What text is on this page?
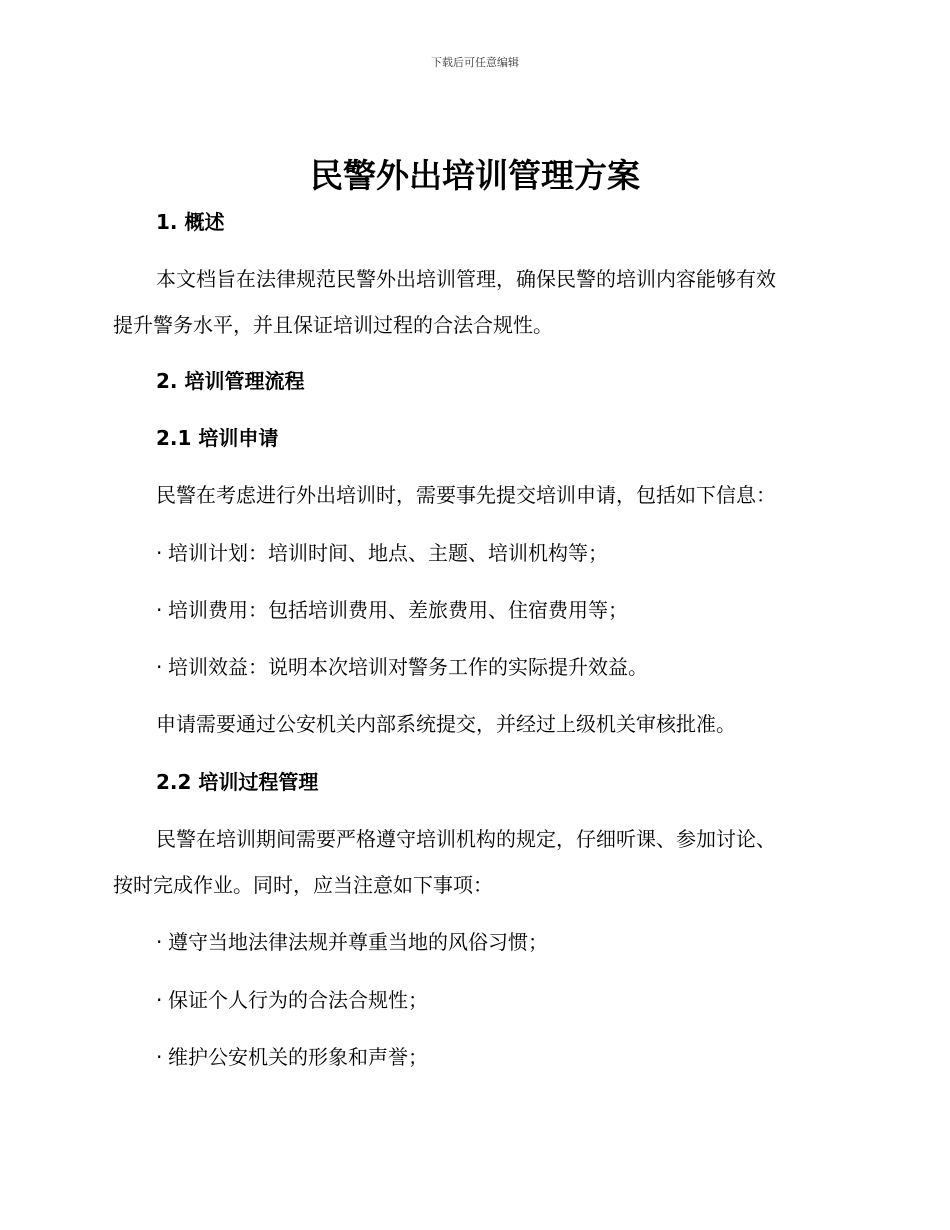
下载后可任意编辑
民警外出培训管理方案
1. 概述
本文档旨在法律规范民警外出培训管理，确保民警的培训内容能够有效
提升警务水平，并且保证培训过程的合法合规性。
2. 培训管理流程
2.1 培训申请
民警在考虑进行外出培训时，需要事先提交培训申请，包括如下信息：
· 培训计划：培训时间、地点、主题、培训机构等；
· 培训费用：包括培训费用、差旅费用、住宿费用等；
· 培训效益：说明本次培训对警务工作的实际提升效益。
申请需要通过公安机关内部系统提交，并经过上级机关审核批准。
2.2 培训过程管理
民警在培训期间需要严格遵守培训机构的规定，仔细听课、参加讨论、
按时完成作业。同时，应当注意如下事项：
· 遵守当地法律法规并尊重当地的风俗习惯；
· 保证个人行为的合法合规性；
· 维护公安机关的形象和声誉；
